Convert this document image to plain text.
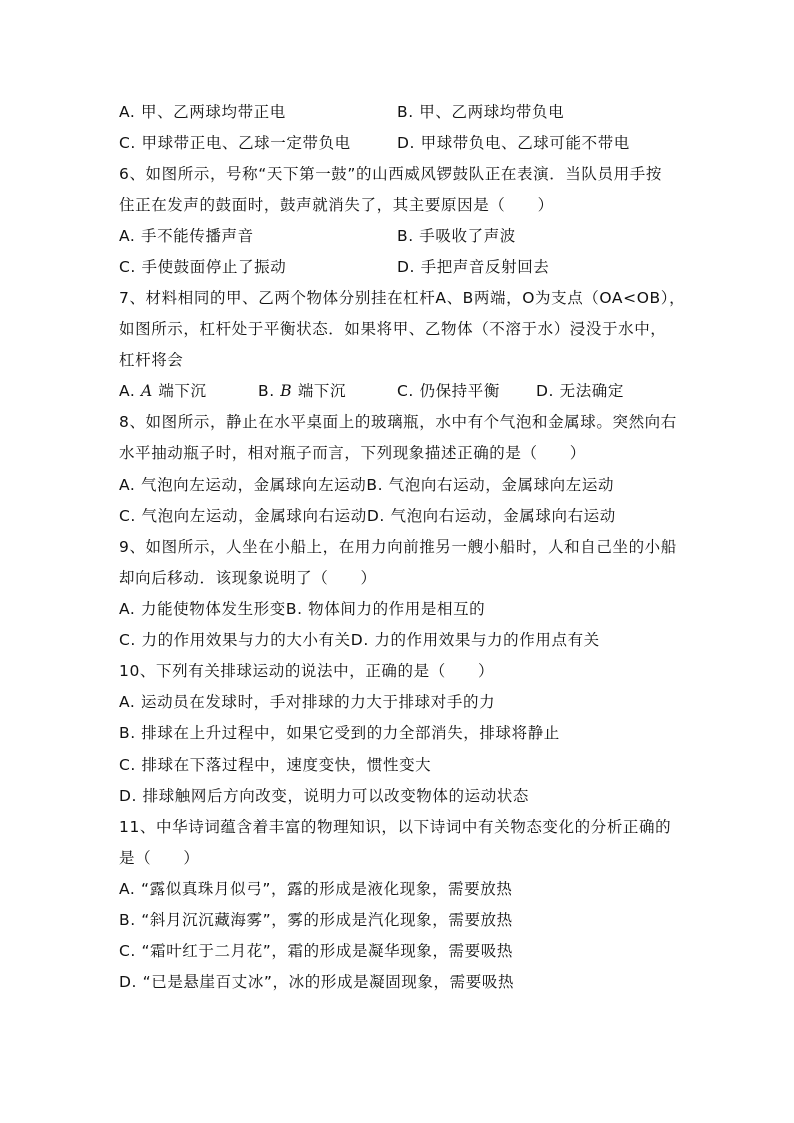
A. 甲、乙两球均带正电	B. 甲、乙两球均带负电
C. 甲球带正电、乙球一定带负电	D. 甲球带负电、乙球可能不带电
6、如图所示，号称“天下第一鼓”的山西威风锣鼓队正在表演．当队员用手按
住正在发声的鼓面时，鼓声就消失了，其主要原因是（　　）
A. 手不能传播声音	B. 手吸收了声波
C. 手使鼓面停止了振动	D. 手把声音反射回去
7、材料相同的甲、乙两个物体分别挂在杠杆A、B两端，O为支点（OA<OB），
如图所示，杠杆处于平衡状态．如果将甲、乙物体（不溶于水）浸没于水中，
杠杆将会
A. A 端下沉	B. B 端下沉	C. 仍保持平衡 D. 无法确定
8、如图所示，静止在水平桌面上的玻璃瓶，水中有个气泡和金属球。突然向右
水平抽动瓶子时，相对瓶子而言，下列现象描述正确的是（　　）
A. 气泡向左运动，金属球向左运动B. 气泡向右运动，金属球向左运动
C. 气泡向左运动，金属球向右运动D. 气泡向右运动，金属球向右运动
9、如图所示，人坐在小船上，在用力向前推另一艘小船时，人和自己坐的小船
却向后移动．该现象说明了（　　）
A. 力能使物体发生形变B. 物体间力的作用是相互的
C. 力的作用效果与力的大小有关D. 力的作用效果与力的作用点有关
10、下列有关排球运动的说法中，正确的是（　　）
A. 运动员在发球时，手对排球的力大于排球对手的力
B. 排球在上升过程中，如果它受到的力全部消失，排球将静止
C. 排球在下落过程中，速度变快，惯性变大
D. 排球触网后方向改变，说明力可以改变物体的运动状态
11、中华诗词蕴含着丰富的物理知识，以下诗词中有关物态变化的分析正确的
是（　　）
A. “露似真珠月似弓”，露的形成是液化现象，需要放热
B. “斜月沉沉藏海雾”，雾的形成是汽化现象，需要放热
C. “霜叶红于二月花”，霜的形成是凝华现象，需要吸热
D. “已是悬崖百丈冰”，冰的形成是凝固现象，需要吸热
